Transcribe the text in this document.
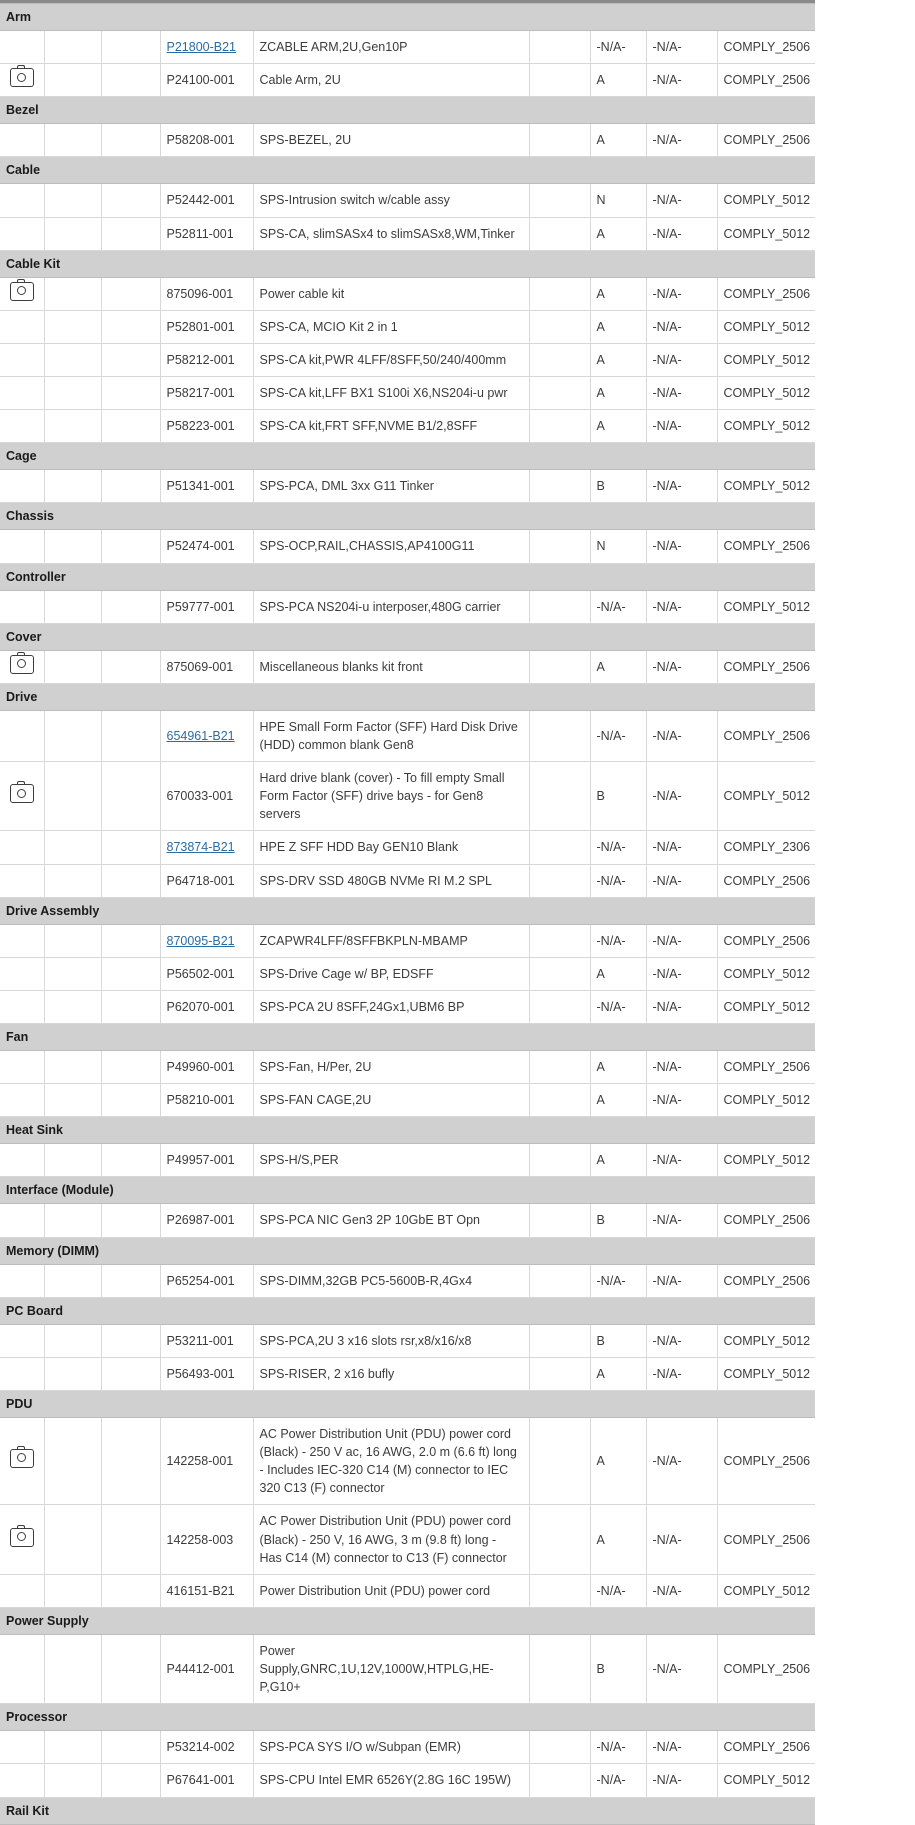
Arm								
			P21800-B21	ZCABLE ARM,2U,Gen10P		-N/A-	-N/A-	COMPLY_2506
			P24100-001	Cable Arm, 2U		A	-N/A-	COMPLY_2506
Bezel								
			P58208-001	SPS-BEZEL, 2U		A	-N/A-	COMPLY_2506
Cable								
			P52442-001	SPS-Intrusion switch w/cable assy		N	-N/A-	COMPLY_5012
			P52811-001	SPS-CA, slimSASx4 to slimSASx8,WM,Tinker		A	-N/A-	COMPLY_5012
Cable Kit								
			875096-001	Power cable kit		A	-N/A-	COMPLY_2506
			P52801-001	SPS-CA, MCIO Kit 2 in 1		A	-N/A-	COMPLY_5012
			P58212-001	SPS-CA kit,PWR 4LFF/8SFF,50/240/400mm		A	-N/A-	COMPLY_5012
			P58217-001	SPS-CA kit,LFF BX1 S100i X6,NS204i-u pwr		A	-N/A-	COMPLY_5012
			P58223-001	SPS-CA kit,FRT SFF,NVME B1/2,8SFF		A	-N/A-	COMPLY_5012
Cage								
			P51341-001	SPS-PCA, DML 3xx G11 Tinker		B	-N/A-	COMPLY_5012
Chassis								
			P52474-001	SPS-OCP,RAIL,CHASSIS,AP4100G11		N	-N/A-	COMPLY_2506
Controller								
			P59777-001	SPS-PCA NS204i-u interposer,480G carrier		-N/A-	-N/A-	COMPLY_5012
Cover								
			875069-001	Miscellaneous blanks kit front		A	-N/A-	COMPLY_2506
Drive								
			654961-B21	HPE Small Form Factor (SFF) Hard Disk Drive (HDD) common blank Gen8		-N/A-	-N/A-	COMPLY_2506
			670033-001	Hard drive blank (cover) - To fill empty Small Form Factor (SFF) drive bays - for Gen8 servers		B	-N/A-	COMPLY_5012
			873874-B21	HPE Z SFF HDD Bay GEN10 Blank		-N/A-	-N/A-	COMPLY_2306
			P64718-001	SPS-DRV SSD 480GB NVMe RI M.2 SPL		-N/A-	-N/A-	COMPLY_2506
Drive Assembly								
			870095-B21	ZCAPWR4LFF/8SFFBKPLN-MBAMP		-N/A-	-N/A-	COMPLY_2506
			P56502-001	SPS-Drive Cage w/ BP, EDSFF		A	-N/A-	COMPLY_5012
			P62070-001	SPS-PCA 2U 8SFF,24Gx1,UBM6 BP		-N/A-	-N/A-	COMPLY_5012
Fan								
			P49960-001	SPS-Fan, H/Per, 2U		A	-N/A-	COMPLY_2506
			P58210-001	SPS-FAN CAGE,2U		A	-N/A-	COMPLY_5012
Heat Sink								
			P49957-001	SPS-H/S,PER		A	-N/A-	COMPLY_5012
Interface (Module)								
			P26987-001	SPS-PCA NIC Gen3 2P 10GbE BT Opn		B	-N/A-	COMPLY_2506
Memory (DIMM)								
			P65254-001	SPS-DIMM,32GB PC5-5600B-R,4Gx4		-N/A-	-N/A-	COMPLY_2506
PC Board								
			P53211-001	SPS-PCA,2U 3 x16 slots rsr,x8/x16/x8		B	-N/A-	COMPLY_5012
			P56493-001	SPS-RISER, 2 x16 bufly		A	-N/A-	COMPLY_5012
PDU								
			142258-001	AC Power Distribution Unit (PDU) power cord (Black) - 250 V ac, 16 AWG, 2.0 m (6.6 ft) long - Includes IEC-320 C14 (M) connector to IEC 320 C13 (F) connector		A	-N/A-	COMPLY_2506
			142258-003	AC Power Distribution Unit (PDU) power cord (Black) - 250 V, 16 AWG, 3 m (9.8 ft) long - Has C14 (M) connector to C13 (F) connector		A	-N/A-	COMPLY_2506
			416151-B21	Power Distribution Unit (PDU) power cord		-N/A-	-N/A-	COMPLY_5012
Power Supply								
			P44412-001	Power Supply,GNRC,1U,12V,1000W,HTPLG,HE-P,G10+		B	-N/A-	COMPLY_2506
Processor								
			P53214-002	SPS-PCA SYS I/O w/Subpan (EMR)		-N/A-	-N/A-	COMPLY_2506
			P67641-001	SPS-CPU Intel EMR 6526Y(2.8G 16C 195W)		-N/A-	-N/A-	COMPLY_5012
Rail Kit								
